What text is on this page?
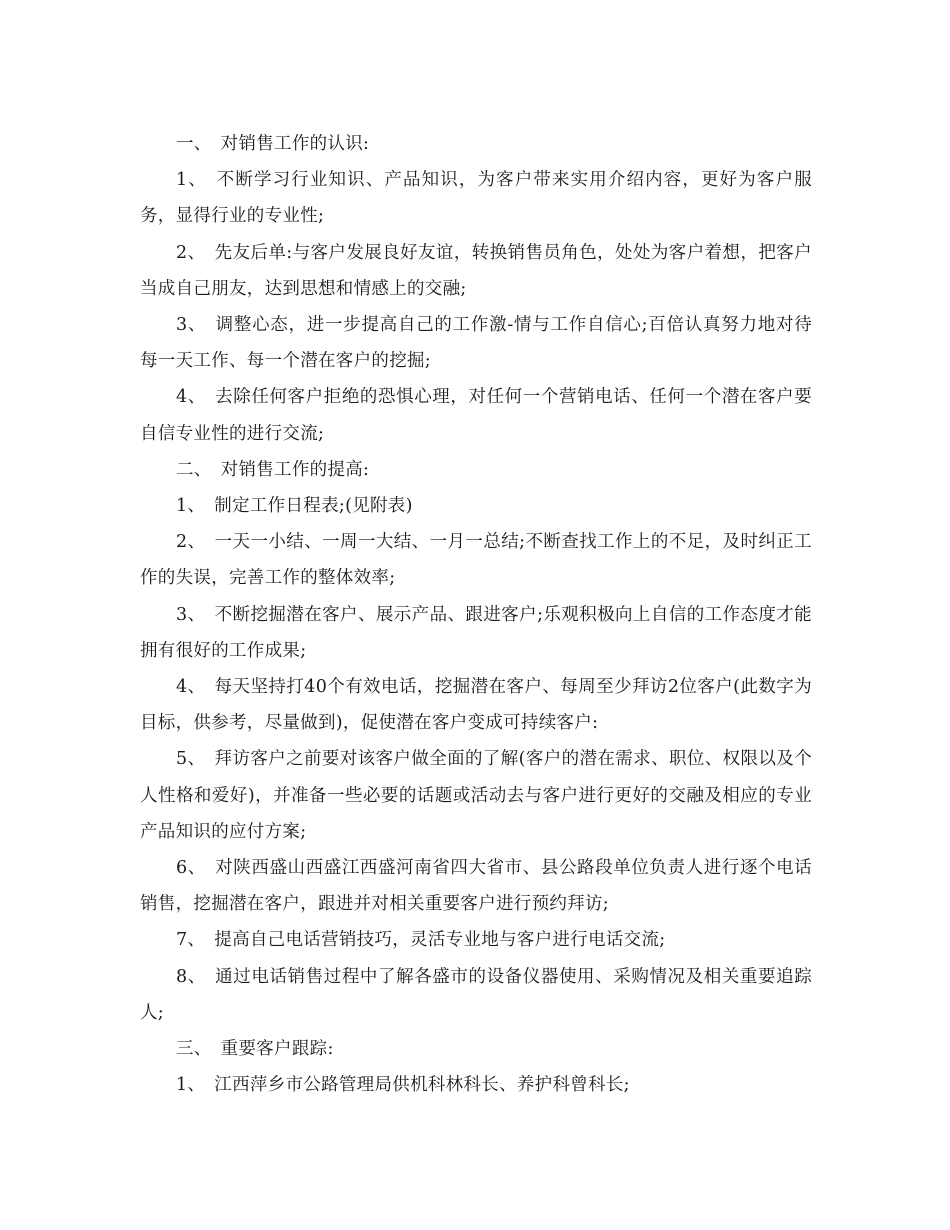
一、　对销售工作的认识:

1、　不断学习行业知识、产品知识，为客户带来实用介绍内容，更好为客户服务，显得行业的专业性;

2、　先友后单:与客户发展良好友谊，转换销售员角色，处处为客户着想，把客户当成自己朋友，达到思想和情感上的交融;

3、　调整心态，进一步提高自己的工作激-情与工作自信心;百倍认真努力地对待每一天工作、每一个潜在客户的挖掘;

4、　去除任何客户拒绝的恐惧心理，对任何一个营销电话、任何一个潜在客户要自信专业性的进行交流;

二、　对销售工作的提高:

1、　制定工作日程表;(见附表)

2、　一天一小结、一周一大结、一月一总结;不断查找工作上的不足，及时纠正工作的失误，完善工作的整体效率;

3、　不断挖掘潜在客户、展示产品、跟进客户;乐观积极向上自信的工作态度才能拥有很好的工作成果;

4、　每天坚持打40个有效电话，挖掘潜在客户、每周至少拜访2位客户(此数字为目标，供参考，尽量做到)，促使潜在客户变成可持续客户:

5、　拜访客户之前要对该客户做全面的了解(客户的潜在需求、职位、权限以及个人性格和爱好)，并准备一些必要的话题或活动去与客户进行更好的交融及相应的专业产品知识的应付方案;

6、　对陕西盛山西盛江西盛河南省四大省市、县公路段单位负责人进行逐个电话销售，挖掘潜在客户，跟进并对相关重要客户进行预约拜访;

7、　提高自己电话营销技巧，灵活专业地与客户进行电话交流;

8、　通过电话销售过程中了解各盛市的设备仪器使用、采购情况及相关重要追踪人;

三、　重要客户跟踪:

1、　江西萍乡市公路管理局供机科林科长、养护科曾科长;
